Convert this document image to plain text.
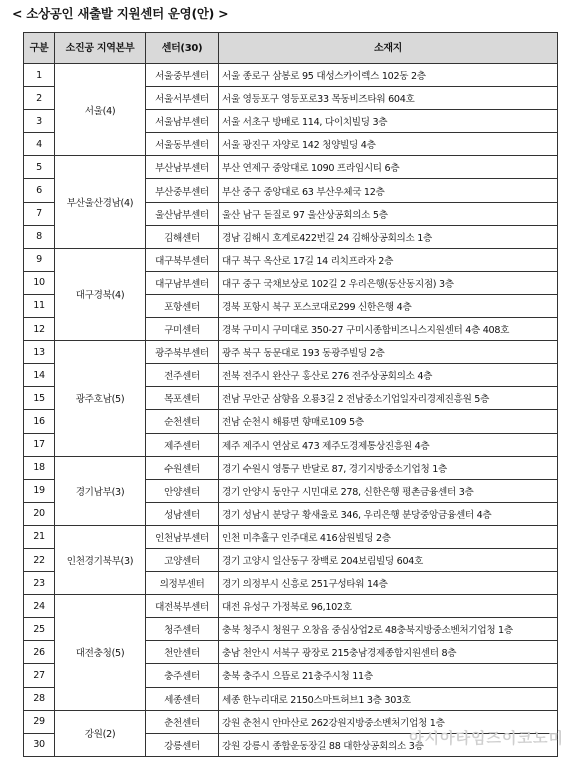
< 소상공인 새출발 지원센터 운영(안) >
구분	소진공 지역본부	센터(30)	소재지
1	서울(4)	서울중부센터	서울 종로구 삼봉로 95 대성스카이렉스 102동 2층
2		서울서부센터	서울 영등포구 영등포로33 목동비즈타워 604호
3		서울남부센터	서울 서초구 방배로 114, 다이치빌딩 3층
4		서울동부센터	서울 광진구 자양로 142 청양빌딩 4층
5	부산울산경남(4)	부산남부센터	부산 연제구 중앙대로 1090 프라임시티 6층
6		부산중부센터	부산 중구 중앙대로 63 부산우체국 12층
7		울산남부센터	울산 남구 돋질로 97 울산상공회의소 5층
8		김해센터	경남 김해시 호계로422번길 24 김해상공회의소 1층
9	대구경북(4)	대구북부센터	대구 북구 옥산로 17길 14 리치프라자 2층
10		대구남부센터	대구 중구 국채보상로 102길 2 우리은행(동산동지점) 3층
11		포항센터	경북 포항시 북구 포스코대로299 신한은행 4층
12		구미센터	경북 구미시 구미대로 350-27 구미시종합비즈니스지원센터 4층 408호
13	광주호남(5)	광주북부센터	광주 북구 동문대로 193 동광주빌딩 2층
14		전주센터	전북 전주시 완산구 홍산로 276 전주상공회의소 4층
15		목포센터	전남 무안군 삼향읍 오룡3길 2 전남중소기업일자리경제진흥원 5층
16		순천센터	전남 순천시 해룡면 향매로109 5층
17		제주센터	제주 제주시 연삼로 473 제주도경제통상진흥원 4층
18	경기남부(3)	수원센터	경기 수원시 영통구 반달로 87, 경기지방중소기업청 1층
19		안양센터	경기 안양시 동안구 시민대로 278, 신한은행 평촌금융센터 3층
20		성남센터	경기 성남시 분당구 황새울로 346, 우리은행 분당중앙금융센터 4층
21	인천경기북부(3)	인천남부센터	인천 미추홀구 인주대로 416삼원빌딩 2층
22		고양센터	경기 고양시 일산동구 장백로 204보림빌딩 604호
23		의정부센터	경기 의정부시 신흥로 251구성타워 14층
24	대전충청(5)	대전북부센터	대전 유성구 가정북로 96,102호
25		청주센터	충북 청주시 청원구 오창읍 중심상업2로 48충북지방중소벤처기업청 1층
26		천안센터	충남 천안시 서북구 광장로 215충남경제종합지원센터 8층
27		충주센터	충북 충주시 으뜸로 21충주시청 11층
28		세종센터	세종 한누리대로 2150스마트허브1 3층 303호
29	강원(2)	춘천센터	강원 춘천시 안마산로 262강원지방중소벤처기업청 1층
30		강릉센터	강원 강릉시 종합운동장길 88 대한상공회의소 3층
아시아타임즈이코노미
